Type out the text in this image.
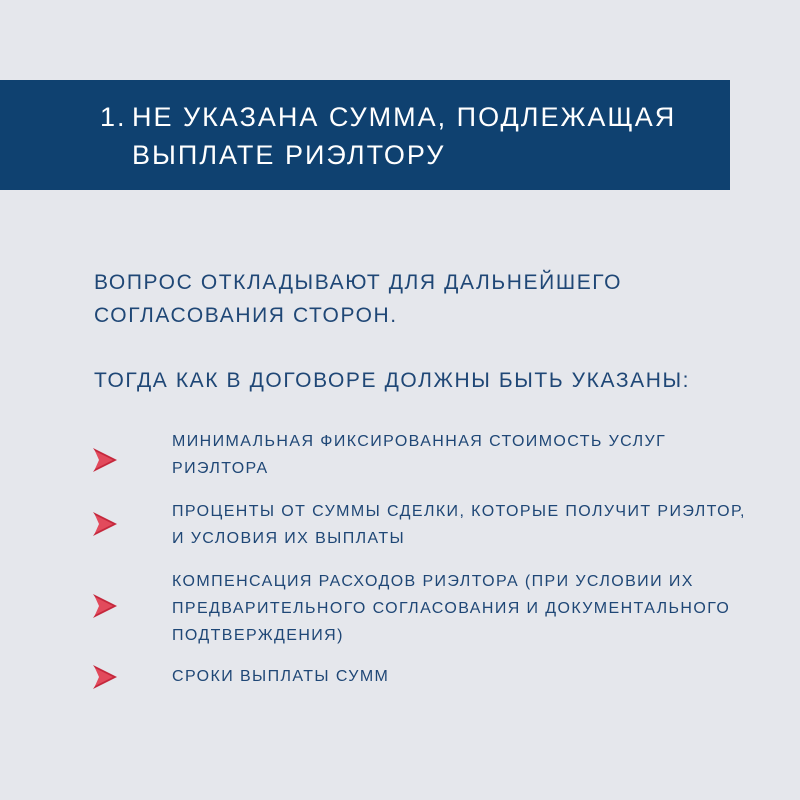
1. НЕ УКАЗАНА СУММА, ПОДЛЕЖАЩАЯ ВЫПЛАТЕ РИЭЛТОРУ
ВОПРОС ОТКЛАДЫВАЮТ ДЛЯ ДАЛЬНЕЙШЕГО СОГЛАСОВАНИЯ СТОРОН.
ТОГДА КАК В ДОГОВОРЕ ДОЛЖНЫ БЫТЬ УКАЗАНЫ:
МИНИМАЛЬНАЯ ФИКСИРОВАННАЯ СТОИМОСТЬ УСЛУГ РИЭЛТОРА
ПРОЦЕНТЫ ОТ СУММЫ СДЕЛКИ, КОТОРЫЕ ПОЛУЧИТ РИЭЛТОР, И УСЛОВИЯ ИХ ВЫПЛАТЫ
КОМПЕНСАЦИЯ РАСХОДОВ РИЭЛТОРА (ПРИ УСЛОВИИ ИХ ПРЕДВАРИТЕЛЬНОГО СОГЛАСОВАНИЯ И ДОКУМЕНТАЛЬНОГО ПОДТВЕРЖДЕНИЯ)
СРОКИ ВЫПЛАТЫ СУММ
